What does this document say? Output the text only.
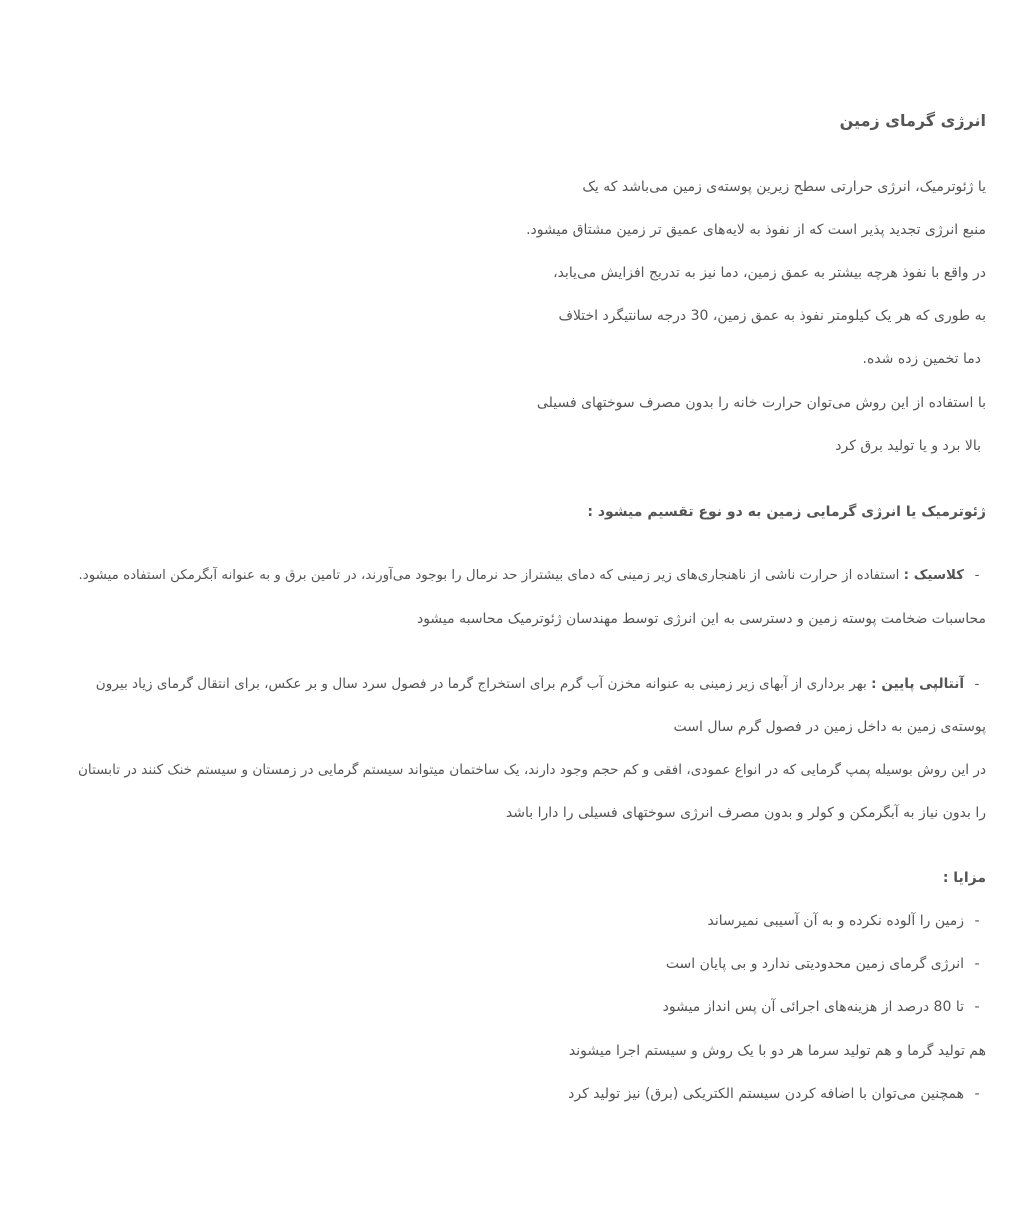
انرژی گرمای زمین
یا ژئوترمیک، انرژی حرارتی سطح زیرین پوسته‌ی زمین می‌باشد که یک
منبع انرژی تجدید پذیر است که از نفوذ به لایه‌های عمیق تر زمین مشتاق میشود.
در واقع با نفوذ هرچه بیشتر به عمق زمین، دما نیز به تدریج افزایش می‌یابد،
به طوری که هر یک کیلومتر نفوذ به عمق زمین، 30 درجه سانتیگرد اختلاف
دما تخمین زده شده.
با استفاده از این روش می‌توان حرارت خانه را بدون مصرف سوختهای فسیلی
بالا برد و یا تولید برق کرد
ژئوترمیک یا انرژی گرمایی زمین به دو نوع تقسیم میشود :
-کلاسیک : استفاده از حرارت ناشی از ناهنجاری‌های زیر زمینی که دمای بیشتراز حد نرمال را بوجود می‌آورند، در تامین برق و به عنوانه آبگرمکن استفاده میشود.
محاسبات ضخامت پوسته زمین و دسترسی به این انرژی توسط مهندسان ژئوترمیک محاسبه میشود
-آنتالپی پایین : بهر برداری از آبهای زیر زمینی به عنوانه مخزن آب گرم برای استخراج گرما در فصول سرد سال و بر عکس، برای انتقال گرمای زیاد بیرون
پوسته‌ی زمین به داخل زمین در فصول گرم سال است
در این روش بوسیله پمپ گرمایی که در انواع عمودی، افقی و کم حجم وجود دارند، یک ساختمان میتواند سیستم گرمایی در زمستان و سیستم خنک کنند در تابستان
را بدون نیاز به آبگرمکن و کولر و بدون مصرف انرژی سوختهای فسیلی را دارا باشد
مزایا :
-زمین را آلوده نکرده و به آن آسیبی نمیرساند
-انرژی گرمای زمین محدودیتی ندارد و بی پایان است
-تا 80 درصد از هزینه‌های اجرائی آن پس انداز میشود
هم تولید گرما و هم تولید سرما هر دو با یک روش و سیستم اجرا میشوند
-همچنین می‌توان با اضافه کردن سیستم الکتریکی (برق) نیز تولید کرد
